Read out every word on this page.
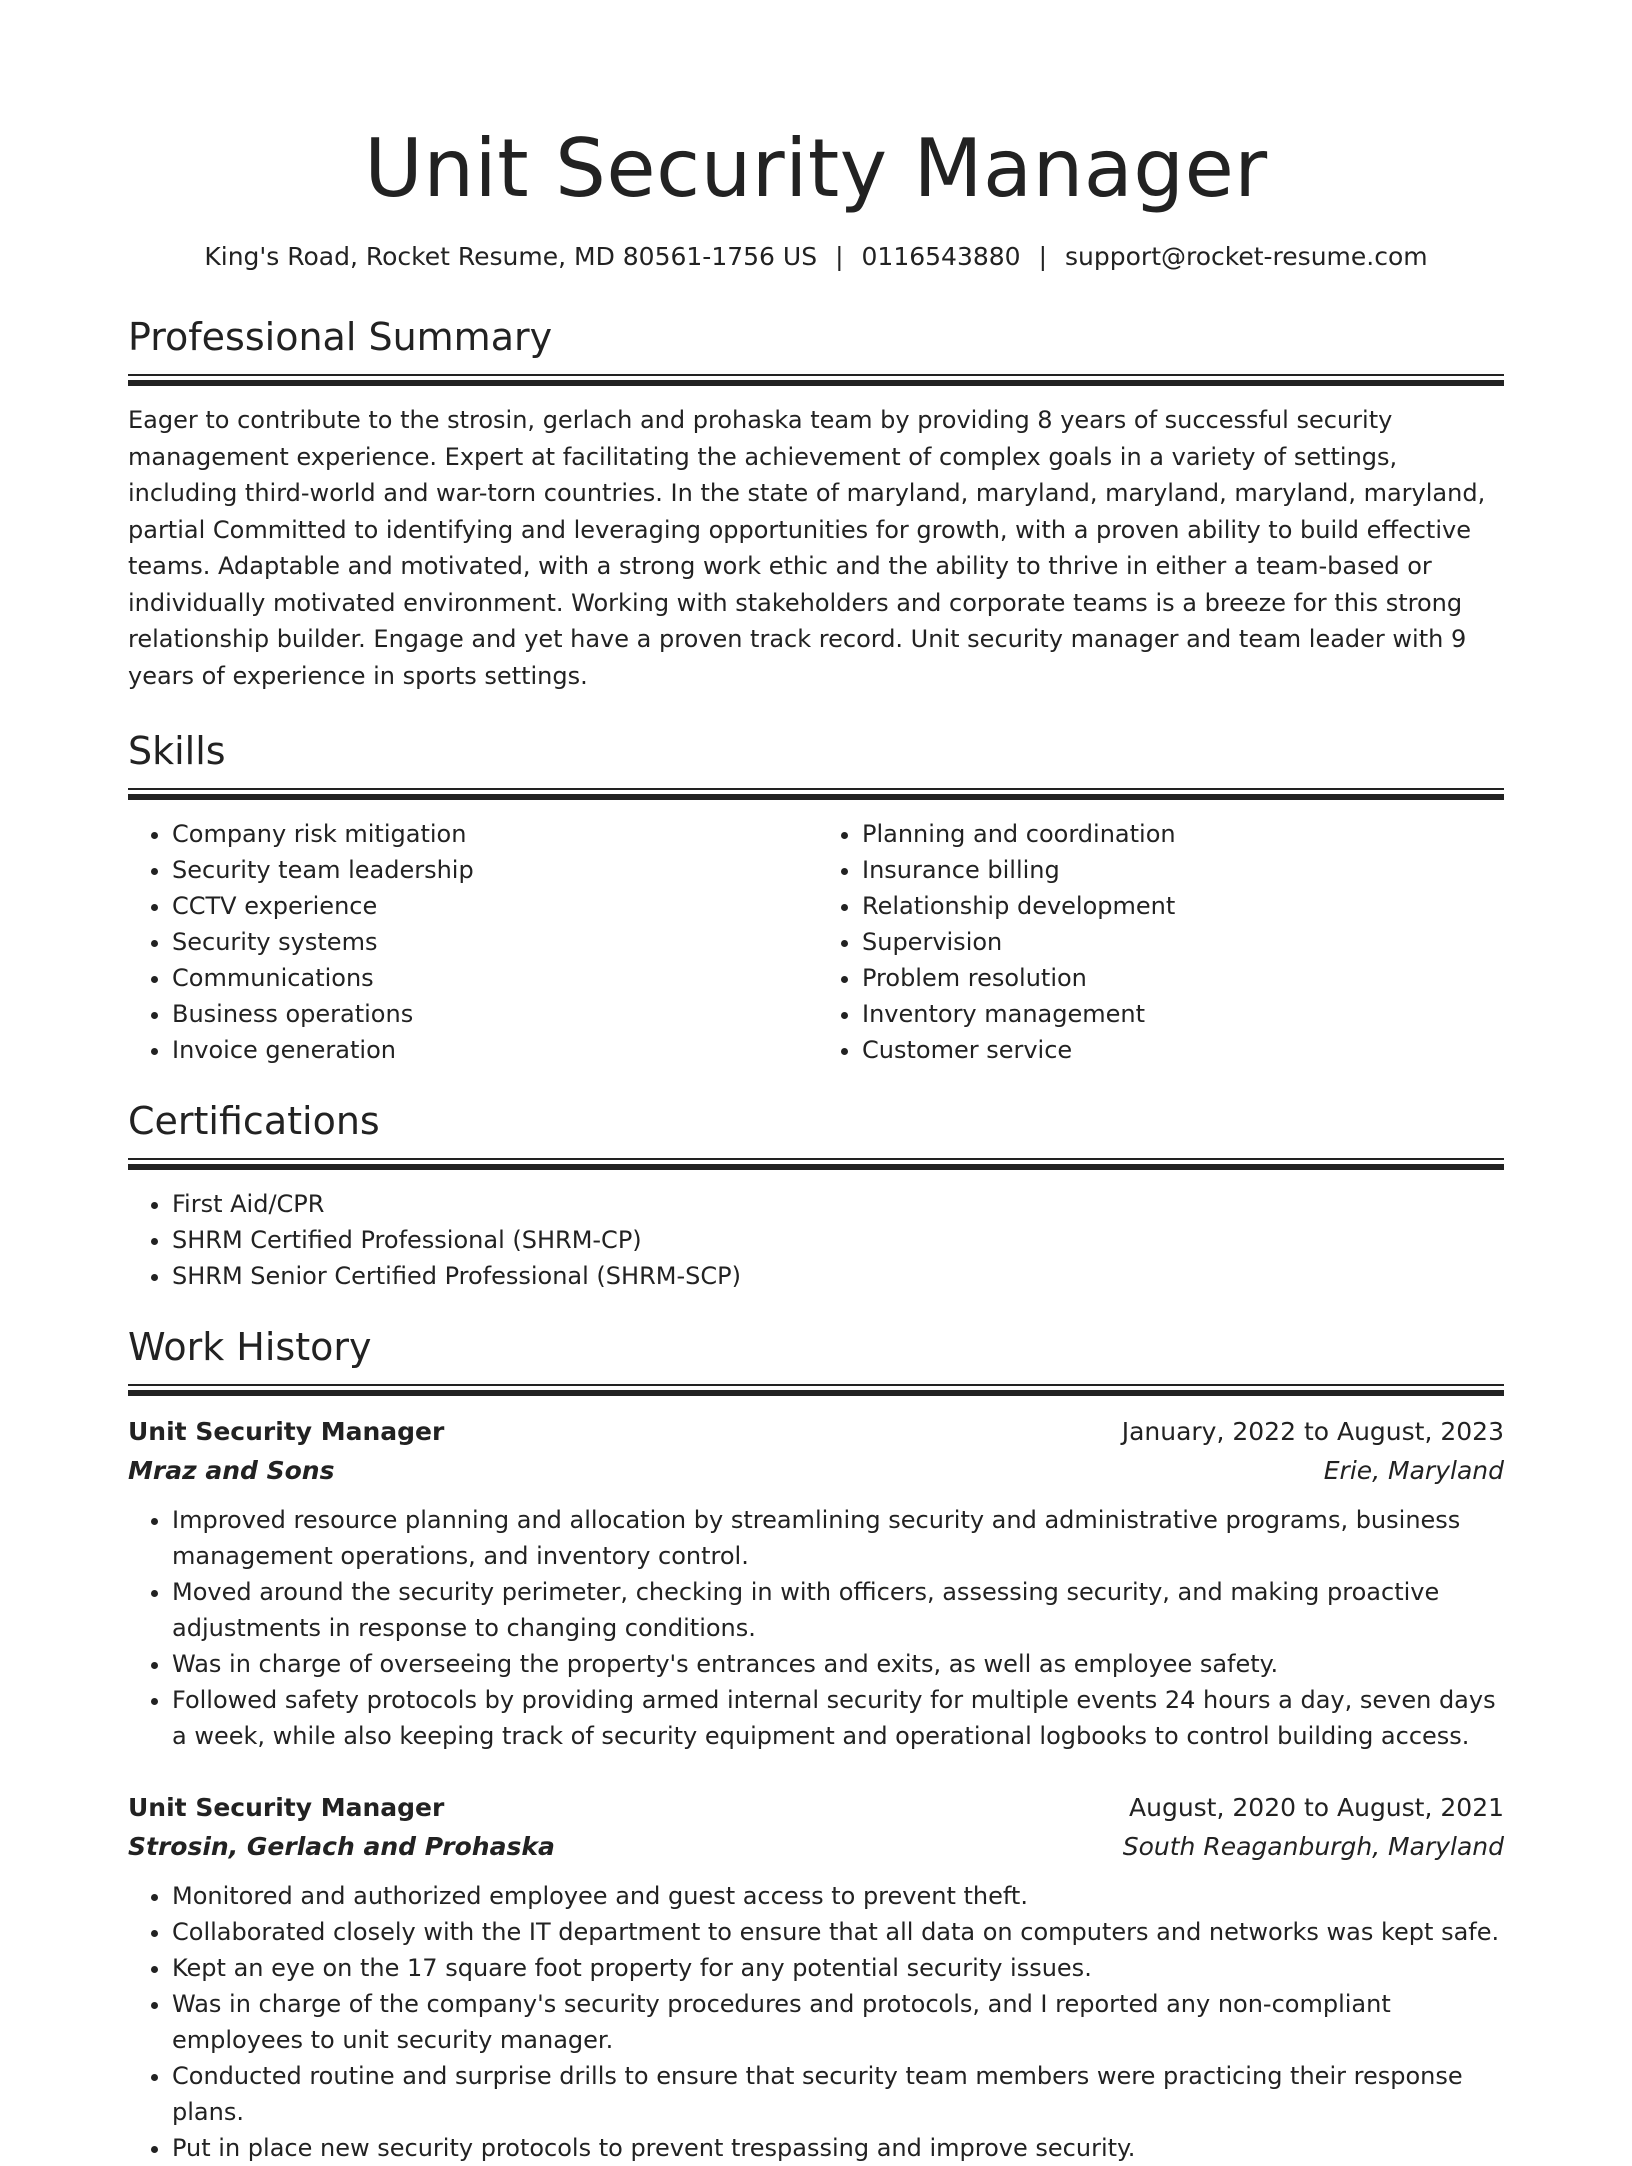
Unit Security Manager
King's Road, Rocket Resume, MD 80561-1756 US | 0116543880 | support@rocket-resume.com
Professional Summary
Eager to contribute to the strosin, gerlach and prohaska team by providing 8 years of successful security management experience. Expert at facilitating the achievement of complex goals in a variety of settings, including third-world and war-torn countries. In the state of maryland, maryland, maryland, maryland, maryland, partial Committed to identifying and leveraging opportunities for growth, with a proven ability to build effective teams. Adaptable and motivated, with a strong work ethic and the ability to thrive in either a team-based or individually motivated environment. Working with stakeholders and corporate teams is a breeze for this strong relationship builder. Engage and yet have a proven track record. Unit security manager and team leader with 9 years of experience in sports settings.
Skills
• Company risk mitigation
• Security team leadership
• CCTV experience
• Security systems
• Communications
• Business operations
• Invoice generation
• Planning and coordination
• Insurance billing
• Relationship development
• Supervision
• Problem resolution
• Inventory management
• Customer service
Certifications
• First Aid/CPR
• SHRM Certified Professional (SHRM-CP)
• SHRM Senior Certified Professional (SHRM-SCP)
Work History
Unit Security Manager	January, 2022 to August, 2023
Mraz and Sons	Erie, Maryland
• Improved resource planning and allocation by streamlining security and administrative programs, business management operations, and inventory control.
• Moved around the security perimeter, checking in with officers, assessing security, and making proactive adjustments in response to changing conditions.
• Was in charge of overseeing the property's entrances and exits, as well as employee safety.
• Followed safety protocols by providing armed internal security for multiple events 24 hours a day, seven days a week, while also keeping track of security equipment and operational logbooks to control building access.
Unit Security Manager	August, 2020 to August, 2021
Strosin, Gerlach and Prohaska	South Reaganburgh, Maryland
• Monitored and authorized employee and guest access to prevent theft.
• Collaborated closely with the IT department to ensure that all data on computers and networks was kept safe.
• Kept an eye on the 17 square foot property for any potential security issues.
• Was in charge of the company's security procedures and protocols, and I reported any non-compliant employees to unit security manager.
• Conducted routine and surprise drills to ensure that security team members were practicing their response plans.
• Put in place new security protocols to prevent trespassing and improve security.
